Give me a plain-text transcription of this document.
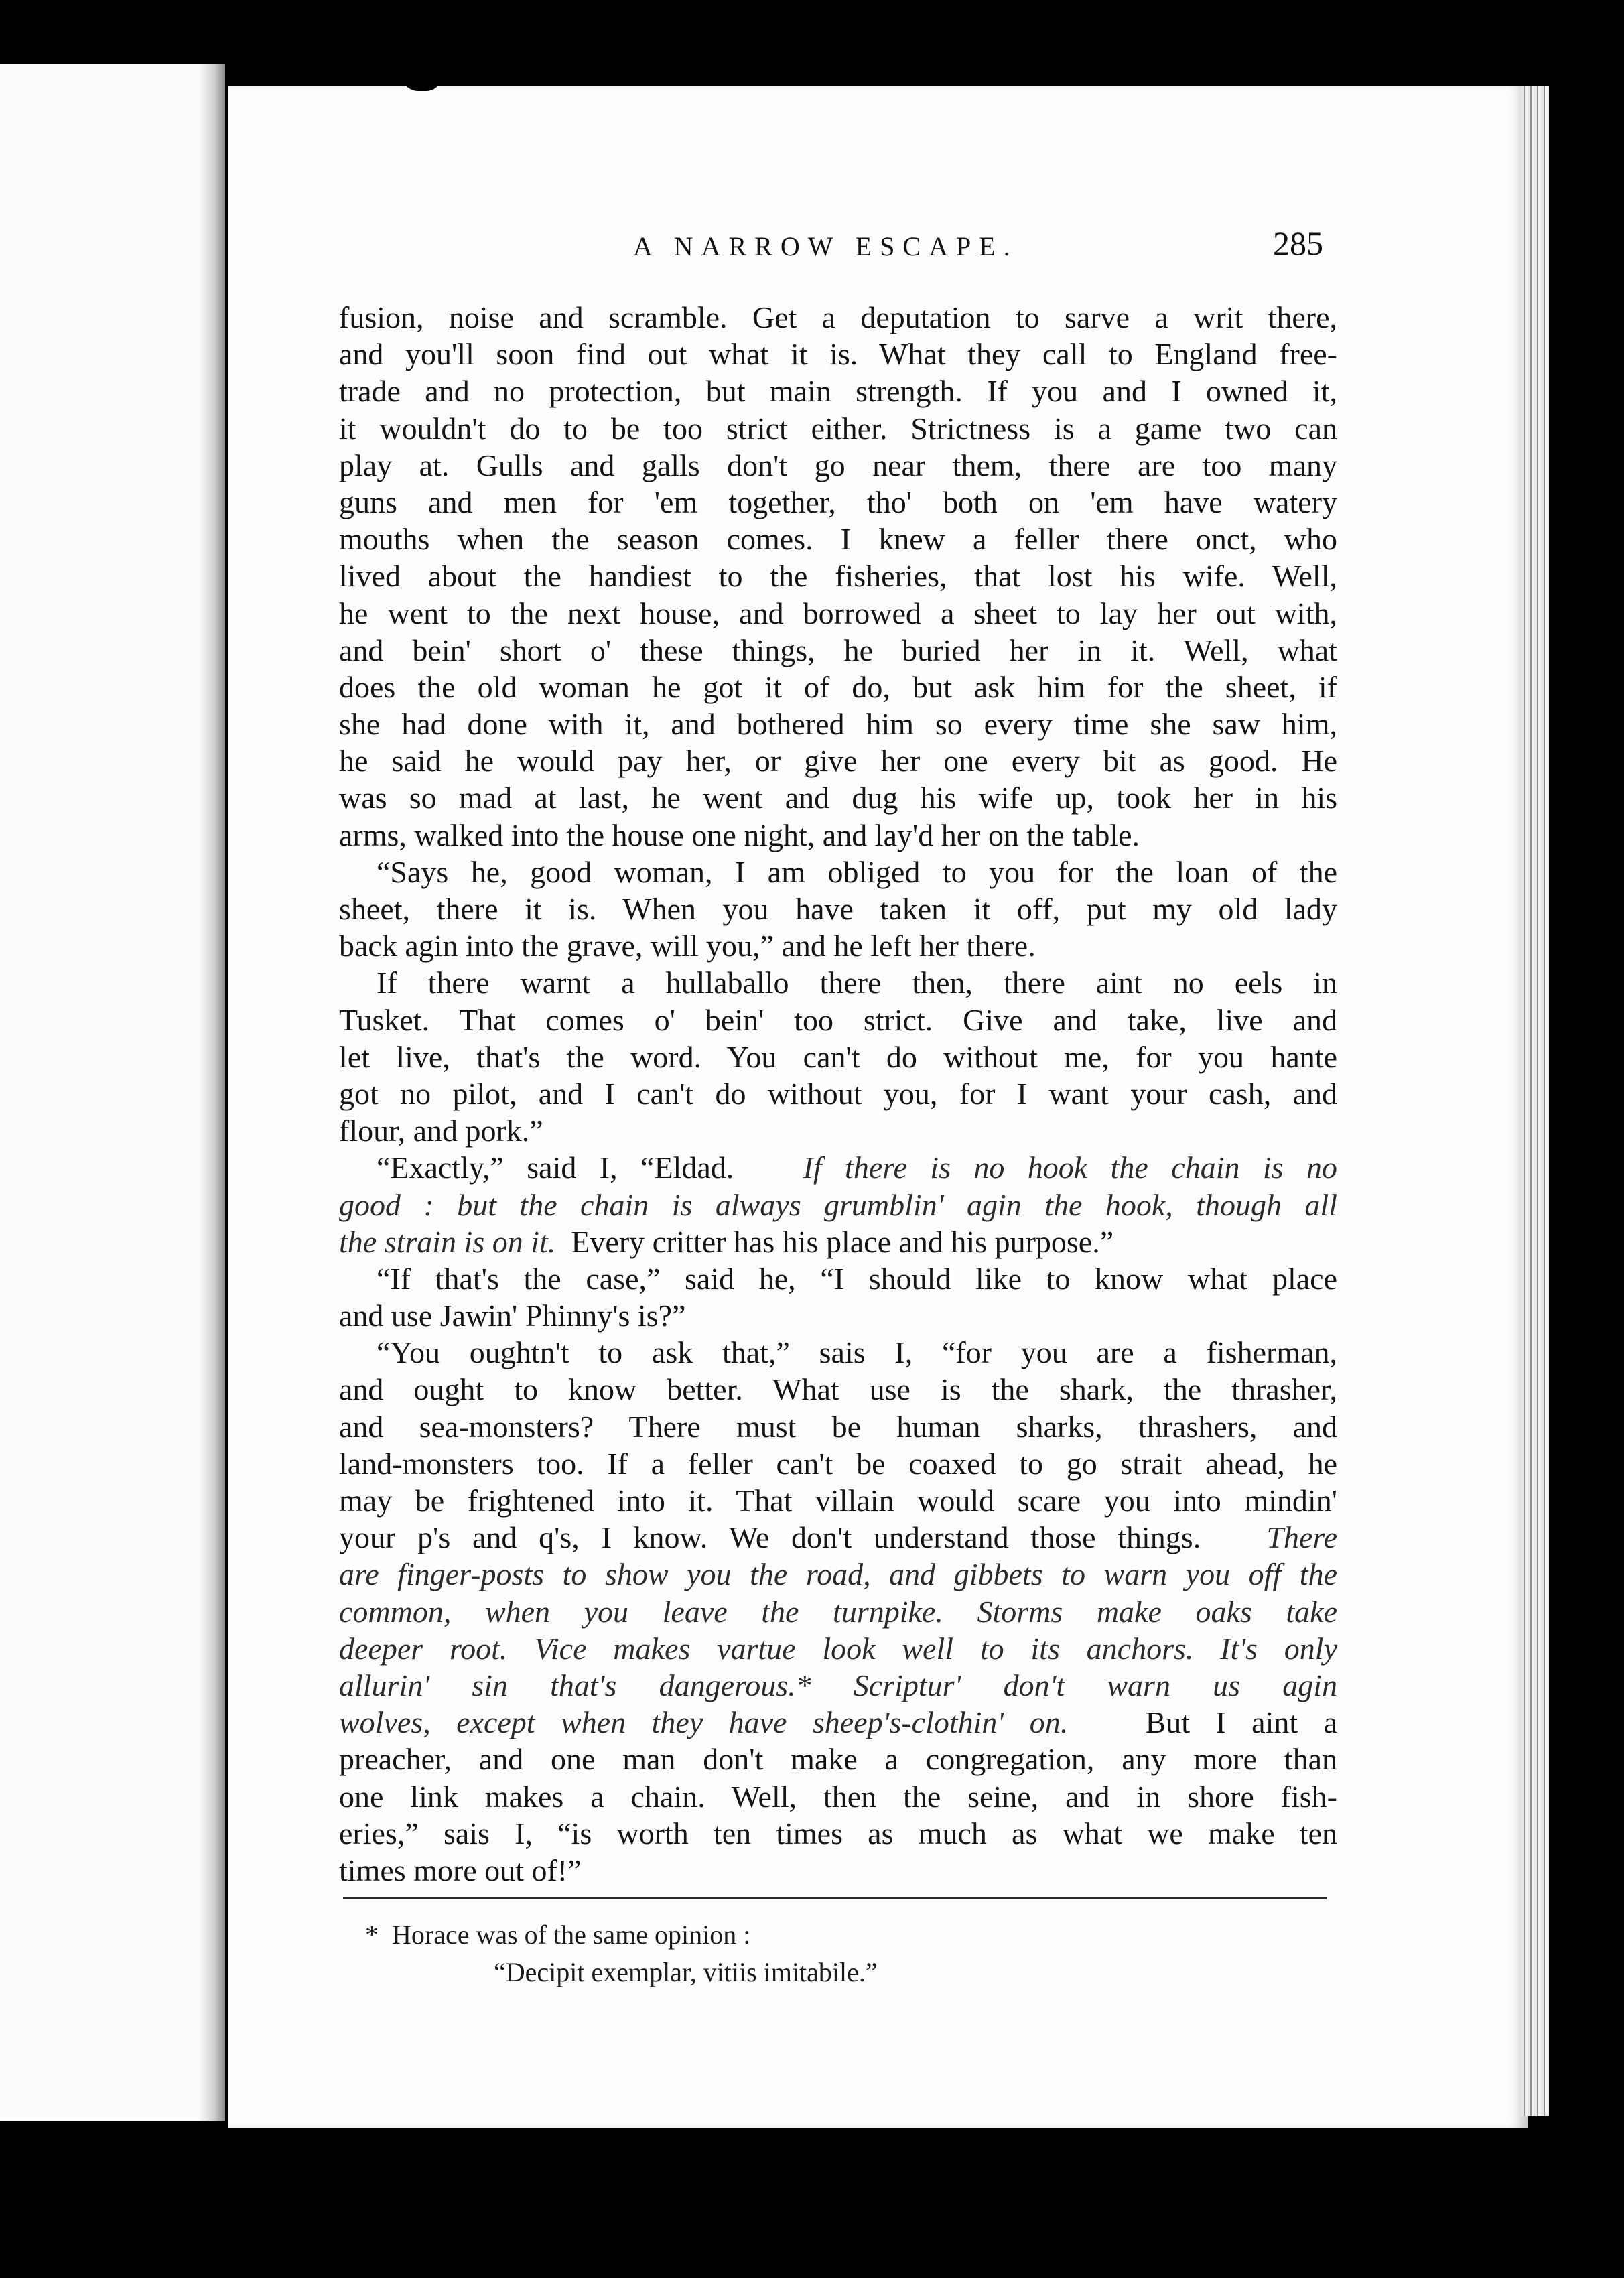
A NARROW ESCAPE.	285
fusion, noise and scramble. Get a deputation to sarve a writ there,
and you'll soon find out what it is. What they call to England free-
trade and no protection, but main strength. If you and I owned it,
it wouldn't do to be too strict either. Strictness is a game two can
play at. Gulls and galls don't go near them, there are too many
guns and men for 'em together, tho' both on 'em have watery
mouths when the season comes. I knew a feller there onct, who
lived about the handiest to the fisheries, that lost his wife. Well,
he went to the next house, and borrowed a sheet to lay her out with,
and bein' short o' these things, he buried her in it. Well, what
does the old woman he got it of do, but ask him for the sheet, if
she had done with it, and bothered him so every time she saw him,
he said he would pay her, or give her one every bit as good. He
was so mad at last, he went and dug his wife up, took her in his
arms, walked into the house one night, and lay'd her on the table.
“Says he, good woman, I am obliged to you for the loan of the
sheet, there it is. When you have taken it off, put my old lady
back agin into the grave, will you,” and he left her there.
If there warnt a hullaballo there then, there aint no eels in
Tusket. That comes o' bein' too strict. Give and take, live and
let live, that's the word. You can't do without me, for you hante
got no pilot, and I can't do without you, for I want your cash, and
flour, and pork.”
“Exactly,” said I, “Eldad. If there is no hook the chain is no
good : but the chain is always grumblin' agin the hook, though all
the strain is on it. Every critter has his place and his purpose.”
“If that's the case,” said he, “I should like to know what place
and use Jawin' Phinny's is?”
“You oughtn't to ask that,” sais I, “for you are a fisherman,
and ought to know better. What use is the shark, the thrasher,
and sea-monsters? There must be human sharks, thrashers, and
land-monsters too. If a feller can't be coaxed to go strait ahead, he
may be frightened into it. That villain would scare you into mindin'
your p's and q's, I know. We don't understand those things. There
are finger-posts to show you the road, and gibbets to warn you off the
common, when you leave the turnpike. Storms make oaks take
deeper root. Vice makes vartue look well to its anchors. It's only
allurin' sin that's dangerous.* Scriptur' don't warn us agin
wolves, except when they have sheep's-clothin' on.	But I aint a
preacher, and one man don't make a congregation, any more than
one link makes a chain. Well, then the seine, and in shore fish-
eries,” sais I, “is worth ten times as much as what we make ten
times more out of!”
* Horace was of the same opinion :
“Decipit exemplar, vitiis imitabile.”
